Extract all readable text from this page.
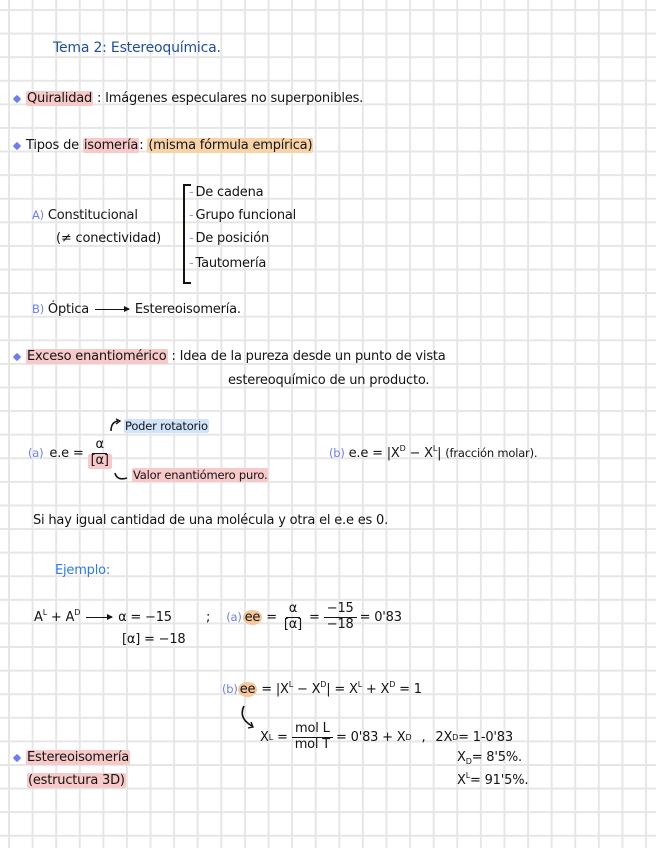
Tema 2: Estereoquímica.
Quiralidad : Imágenes especulares no superponibles.
Tipos de isomería: (misma fórmula empírica)
A) Constitucional
(≠ conectividad)
- De cadena
- Grupo funcional
- De posición
- Tautomería
B) Óptica	Estereoisomería.
Exceso enantiomérico : Idea de la pureza desde un punto de vista
estereoquímico de un producto.
Poder rotatorio
(a) $e.e = \frac{\alpha}{[\alpha]}$
Valor enantiómero puro.
(b) $e.e = |X^D - X^L|$ (fracción molar).
Si hay igual cantidad de una molécula y otra el e.e es 0.
Ejemplo:
$A^L + A^D$	α = −15
[α] = −18
; (a) ee = $\frac{\alpha}{[\alpha]} = \frac{-15}{-18} = 0'83$
(b) ee = $|X^L - X^D| = X^L + X^D = 1$
X $L = \frac{\text{mol L}}{\text{mol T}} = 0'83 + X$ D , 2X D = 1-0'83
$X_D= 8'5\%$.
$X^L= 91'5\%$.
Estereoisomería
(estructura 3D)
